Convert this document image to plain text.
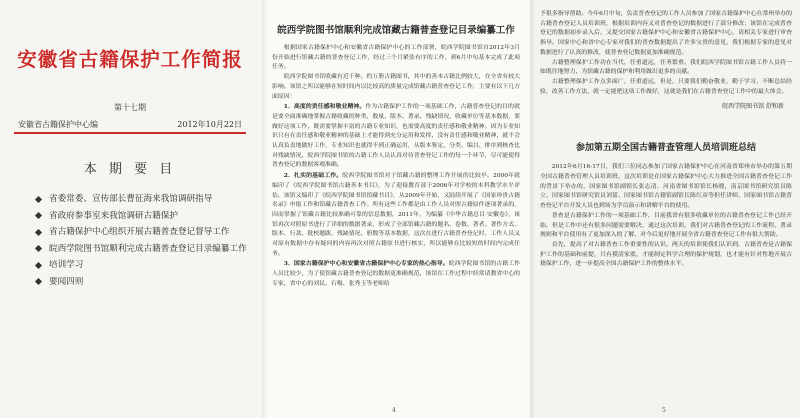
安徽省古籍保护工作简报
第十七期
安徽省古籍保护中心编	2012年10月22日
本 期 要 目
省委常委、宣传部长曹征海来我馆调研指导
省政府参事室来我馆调研古籍保护
省古籍保护中心组织开展古籍普查登记督导工作
皖西学院图书馆顺利完成古籍普查登记目录编纂工作
培训学习
要闻四则
皖西学院图书馆顺利完成馆藏古籍普查登记目录编纂工作

根据国家古籍保护中心和安徽省古籍保护中心的工作部署，皖西学院图书馆自2012年3月份开始进行馆藏古籍的普查登记工作，经过三个月紧张有序的工作，到6月中旬基本完成了此项任务。

皖西学院图书馆收藏有近千种、约万册古籍图书，其中的善本古籍比例较大，在全省有较大影响。该馆之所以能够在短时间内以比较高的质量完成馆藏古籍普查登记工作，主要有以下几方面原因：

1．高度的责任感和敬业精神。作为古籍保护工作的一项基础工作，古籍普查登记的目的就是要全面准确地掌握古籍收藏的种类、数量、版本、著录、残缺情况，收藏单位等基本数据，要做好这项工作，既需要掌握丰富的古籍专业知识，也需要高度的责任感和敬业精神。因为专业知识只有在责任感和敬业精神的基础上才能得到充分运用和发挥，没有责任感和敬业精神，就不会认真负责地做好工作，专业知识也就得不到正确运用，从版本鉴定、分类、编目、排序到核查比对残缺情况，皖西学院图书馆的古籍工作人员认真对待普查登记工作的每一个环节，尽可能使得普查登记的数据客观准确。

2．扎实的基础工作。皖西学院图书馆对于馆藏古籍的整理工作开展的比较早。2000年就编印了《皖西学院图书馆古籍善本书目》，为了迎接教育部于2006年对学校的本科教学水平评估，该馆又编印了《皖西学院图书馆馆藏书目》，从2009年开始，又陆续开展了《国家珍贵古籍名录》申报工作和馆藏古籍普查工作。所有这些工作都是由工作人员对照古籍原件逐项著录的，因而掌握了馆藏古籍比较准确可靠的信息数据，2011年，为编纂《中华古籍总目·安徽卷》，该馆再次对照原书进行了详细的数据著录，形成了全部馆藏古籍的题名、卷数、著者、著作方式、版本、行款、批校题跋、残缺情况、册数等基本数据，这次在进行古籍普查登记时，工作人员又对原有数据中存有疑问的内容再次对照古籍原书进行核实，所以能够在比较短的时间内完成任务。

3．国家古籍保护中心和安徽省古籍保护中心专家的热心指导。皖西学院图书馆的古籍工作人员比较少，为了使馆藏古籍普查登记的数据更准确规范，该馆在工作过程中经常请教省中心的专家，省中心的刘民、石梅、张秀玉等老师给

4

予很多指导帮助。今年6月中旬，负责普查登记的工作人员参加了国家古籍保护中心在常州举办的古籍普查登记人员培训班，根据培训内容又对普查登记的数据进行了部分修改；该馆在完成普查登记的数据初步录入后，又提交国家古籍保护中心和安徽省古籍保护中心，请相关专家进行审查指导。国家中心和省中心专家对我们的普查数据提出了许多宝贵的意见，我们根据专家的意见对数据进行了认真的修改，使普查登记数据更加准确规范。

古籍整理保护工作功在当代，任重道远，任务繁重。我们皖西学院图书馆古籍工作人员将一如既往地努力，为馆藏古籍的保护和利用做出更多的贡献。

古籍整理保护工作点多面广，任重道远，但是，只要我们勤奋敬业，勤于学习，不断总结经验，改善工作方法，就一定能把这项工作做好，这就是我们在古籍普查登记工作中的最大体会。

皖西学院图书馆 舒和新
参加第五期全国古籍普查管理人员培训班总结

2012年6月16-17日，我们三位同志参加了国家古籍保护中心在河南省郑州市举办的第五期全国古籍普查管理人员培训班，这次培训是在国家古籍保护中心大力推进全国古籍普查登记工作的背景下举办的，国家图书馆副馆长张志清、河南省图书馆馆长杨晓，南京图书馆研究馆员陈立、国家图书馆研究馆员刘蔷、国家图书馆古籍馆副馆长陈红彦等担任讲师，国家图书馆古籍普查登记平台开发人员也到场为学员演示和讲解平台的使用。

普查是古籍保护工作的一项基础工作，目前我省有很多收藏单位的古籍普查登记工作已经开始，但是工作中还有很多问题需要解决，通过这次培训，我们对古籍普查登记的工作流程、著录规则和平台使用有了更加深入的了解，对今后更好地开展全省古籍普查登记工作有很大帮助。

首先，提高了对古籍普查工作重要性的认识。两天的培训使我们认识到，古籍普查是古籍保护工作的基础和前提，只有摸清家底，才能制定科学合理的保护规划，也才能有针对性地开展古籍保护工作，进一步提高全国古籍保护工作的整体水平。

5
